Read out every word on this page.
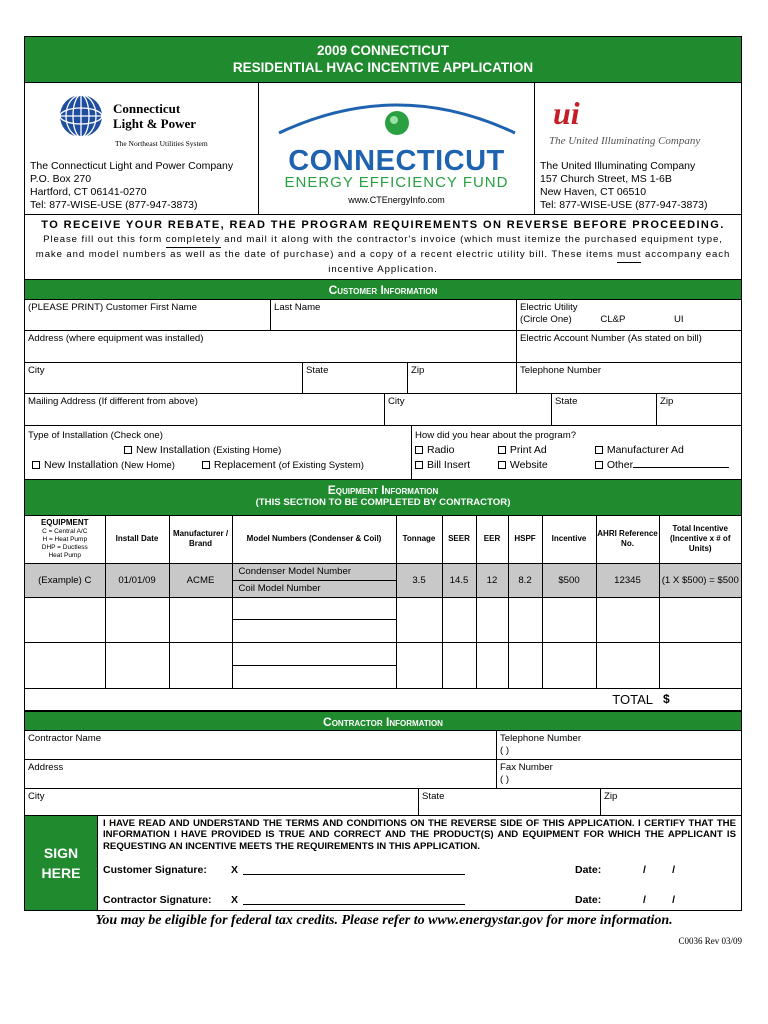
2009 CONNECTICUT
RESIDENTIAL HVAC INCENTIVE APPLICATION
Connecticut
Light & Power
The Northeast Utilities System
The Connecticut Light and Power Company
P.O. Box 270
Hartford, CT 06141-0270
Tel: 877-WISE-USE (877-947-3873)
CONNECTICUT
ENERGY EFFICIENCY FUND
www.CTEnergyInfo.com
ui
The United Illuminating Company
The United Illuminating Company
157 Church Street, MS 1-6B
New Haven, CT 06510
Tel: 877-WISE-USE (877-947-3873)
TO RECEIVE YOUR REBATE, READ THE PROGRAM REQUIREMENTS ON REVERSE BEFORE PROCEEDING.
Please fill out this form completely and mail it along with the contractor's invoice (which must itemize the purchased equipment type, make and model numbers as well as the date of purchase) and a copy of a recent electric utility bill. These items must accompany each incentive Application.
Customer Information
(PLEASE PRINT) Customer First Name	Last Name	Electric Utility
(Circle One)	CL&P	UI
Address (where equipment was installed)	Electric Account Number (As stated on bill)
City	State	Zip	Telephone Number
Mailing Address (If different from above)	City	State	Zip
Type of Installation (Check one)
New Installation (Existing Home)
New Installation (New Home)	Replacement (of Existing System)
How did you hear about the program?
Radio	Print Ad	Manufacturer Ad
Bill Insert	Website	Other
Equipment Information
(THIS SECTION TO BE COMPLETED BY CONTRACTOR)
EQUIPMENT
C = Central A/C
H = Heat Pump
DHP = Ductless
Heat Pump	Install Date	Manufacturer / Brand	Model Numbers (Condenser & Coil)	Tonnage	SEER	EER	HSPF	Incentive	AHRI Reference No.	Total Incentive (Incentive x # of Units)
(Example) C	01/01/09	ACME	Condenser Model Number	3.5	14.5	12	8.2	$500	12345	(1 X $500) = $500
			Coil Model Number							

TOTAL										$
Contractor Information
Contractor Name	Telephone Number
( )
Address	Fax Number
( )
City	State	Zip
SIGN
HERE
I HAVE READ AND UNDERSTAND THE TERMS AND CONDITIONS ON THE REVERSE SIDE OF THIS APPLICATION. I CERTIFY THAT THE INFORMATION I HAVE PROVIDED IS TRUE AND CORRECT AND THE PRODUCT(S) AND EQUIPMENT FOR WHICH THE APPLICANT IS REQUESTING AN INCENTIVE MEETS THE REQUIREMENTS IN THIS APPLICATION.
Customer Signature:	X	Date:	/         /
Contractor Signature:	X	Date:	/         /
You may be eligible for federal tax credits. Please refer to www.energystar.gov for more information.
C0036 Rev 03/09
